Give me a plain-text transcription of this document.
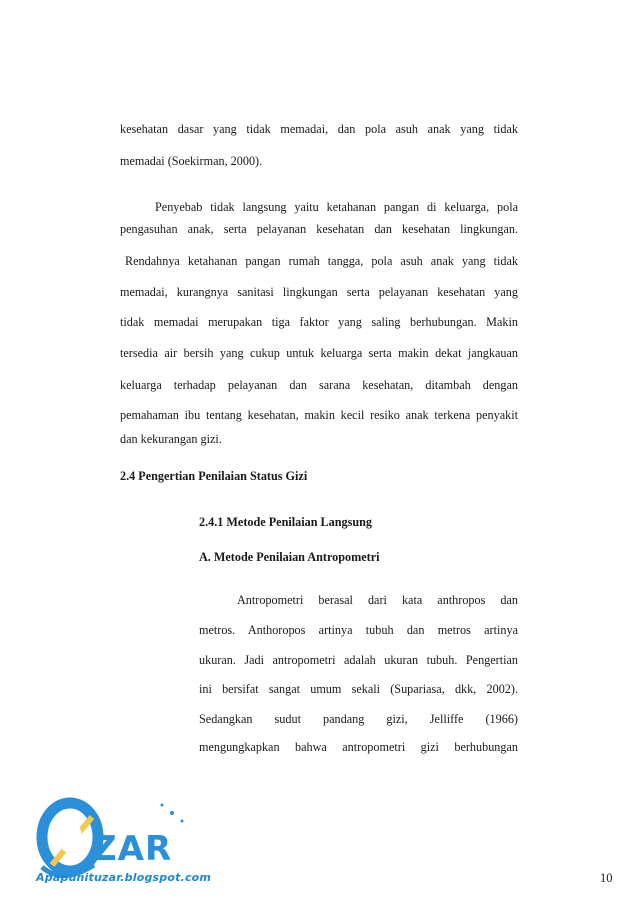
kesehatan dasar yang tidak memadai, dan pola asuh anak yang tidak
memadai (Soekirman, 2000).
Penyebab tidak langsung yaitu ketahanan pangan di keluarga, pola
pengasuhan anak, serta pelayanan kesehatan dan kesehatan lingkungan.
Rendahnya ketahanan pangan rumah tangga, pola asuh anak yang tidak
memadai, kurangnya sanitasi lingkungan serta pelayanan kesehatan yang
tidak memadai merupakan tiga faktor yang saling berhubungan. Makin
tersedia air bersih yang cukup untuk keluarga serta makin dekat jangkauan
keluarga terhadap pelayanan dan sarana kesehatan, ditambah dengan
pemahaman ibu tentang kesehatan, makin kecil resiko anak terkena penyakit
dan kekurangan gizi.
2.4 Pengertian Penilaian Status Gizi
2.4.1 Metode Penilaian Langsung
A. Metode Penilaian Antropometri
Antropometri berasal dari kata anthropos dan
metros. Anthoropos artinya tubuh dan metros artinya
ukuran. Jadi antropometri adalah ukuran tubuh. Pengertian
ini bersifat sangat umum sekali (Supariasa, dkk, 2002).
Sedangkan sudut pandang gizi, Jelliffe (1966)
mengungkapkan bahwa antropometri gizi berhubungan
ZAR
Apapunituzar.blogspot.com	10
